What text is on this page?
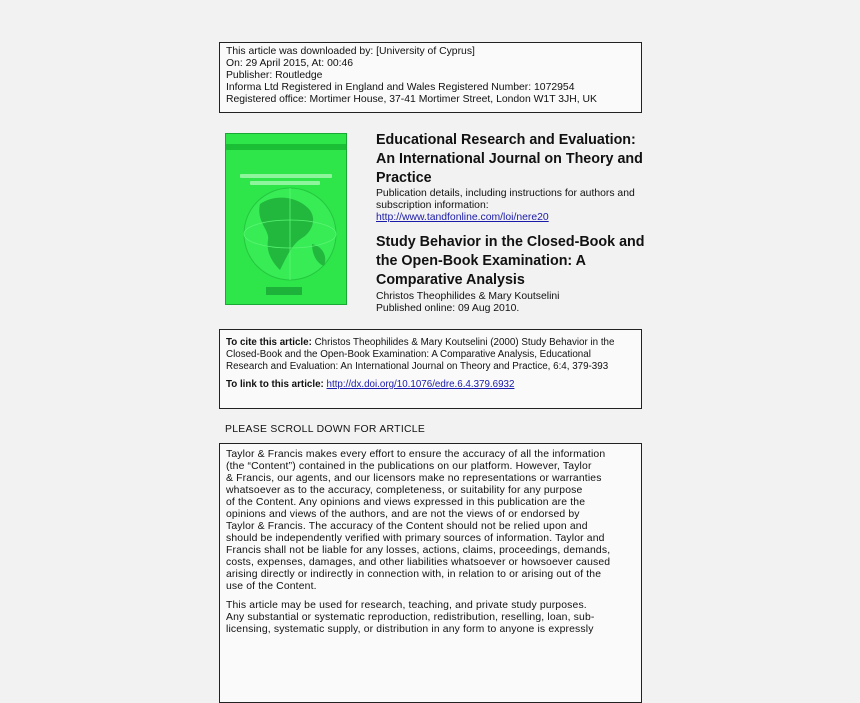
This article was downloaded by: [University of Cyprus]
On: 29 April 2015, At: 00:46
Publisher: Routledge
Informa Ltd Registered in England and Wales Registered Number: 1072954
Registered office: Mortimer House, 37-41 Mortimer Street, London W1T 3JH, UK
Educational Research and Evaluation: An International Journal on Theory and Practice
Publication details, including instructions for authors and subscription information:
http://www.tandfonline.com/loi/nere20
Study Behavior in the Closed-Book and the Open-Book Examination: A Comparative Analysis
Christos Theophilides & Mary Koutselini
Published online: 09 Aug 2010.
To cite this article: Christos Theophilides & Mary Koutselini (2000) Study Behavior in the Closed-Book and the Open-Book Examination: A Comparative Analysis, Educational Research and Evaluation: An International Journal on Theory and Practice, 6:4, 379-393
To link to this article: http://dx.doi.org/10.1076/edre.6.4.379.6932
PLEASE SCROLL DOWN FOR ARTICLE
Taylor & Francis makes every effort to ensure the accuracy of all the information
(the “Content”) contained in the publications on our platform. However, Taylor
& Francis, our agents, and our licensors make no representations or warranties
whatsoever as to the accuracy, completeness, or suitability for any purpose
of the Content. Any opinions and views expressed in this publication are the
opinions and views of the authors, and are not the views of or endorsed by
Taylor & Francis. The accuracy of the Content should not be relied upon and
should be independently verified with primary sources of information. Taylor and
Francis shall not be liable for any losses, actions, claims, proceedings, demands,
costs, expenses, damages, and other liabilities whatsoever or howsoever caused
arising directly or indirectly in connection with, in relation to or arising out of the
use of the Content.
This article may be used for research, teaching, and private study purposes.
Any substantial or systematic reproduction, redistribution, reselling, loan, sub-
licensing, systematic supply, or distribution in any form to anyone is expressly
